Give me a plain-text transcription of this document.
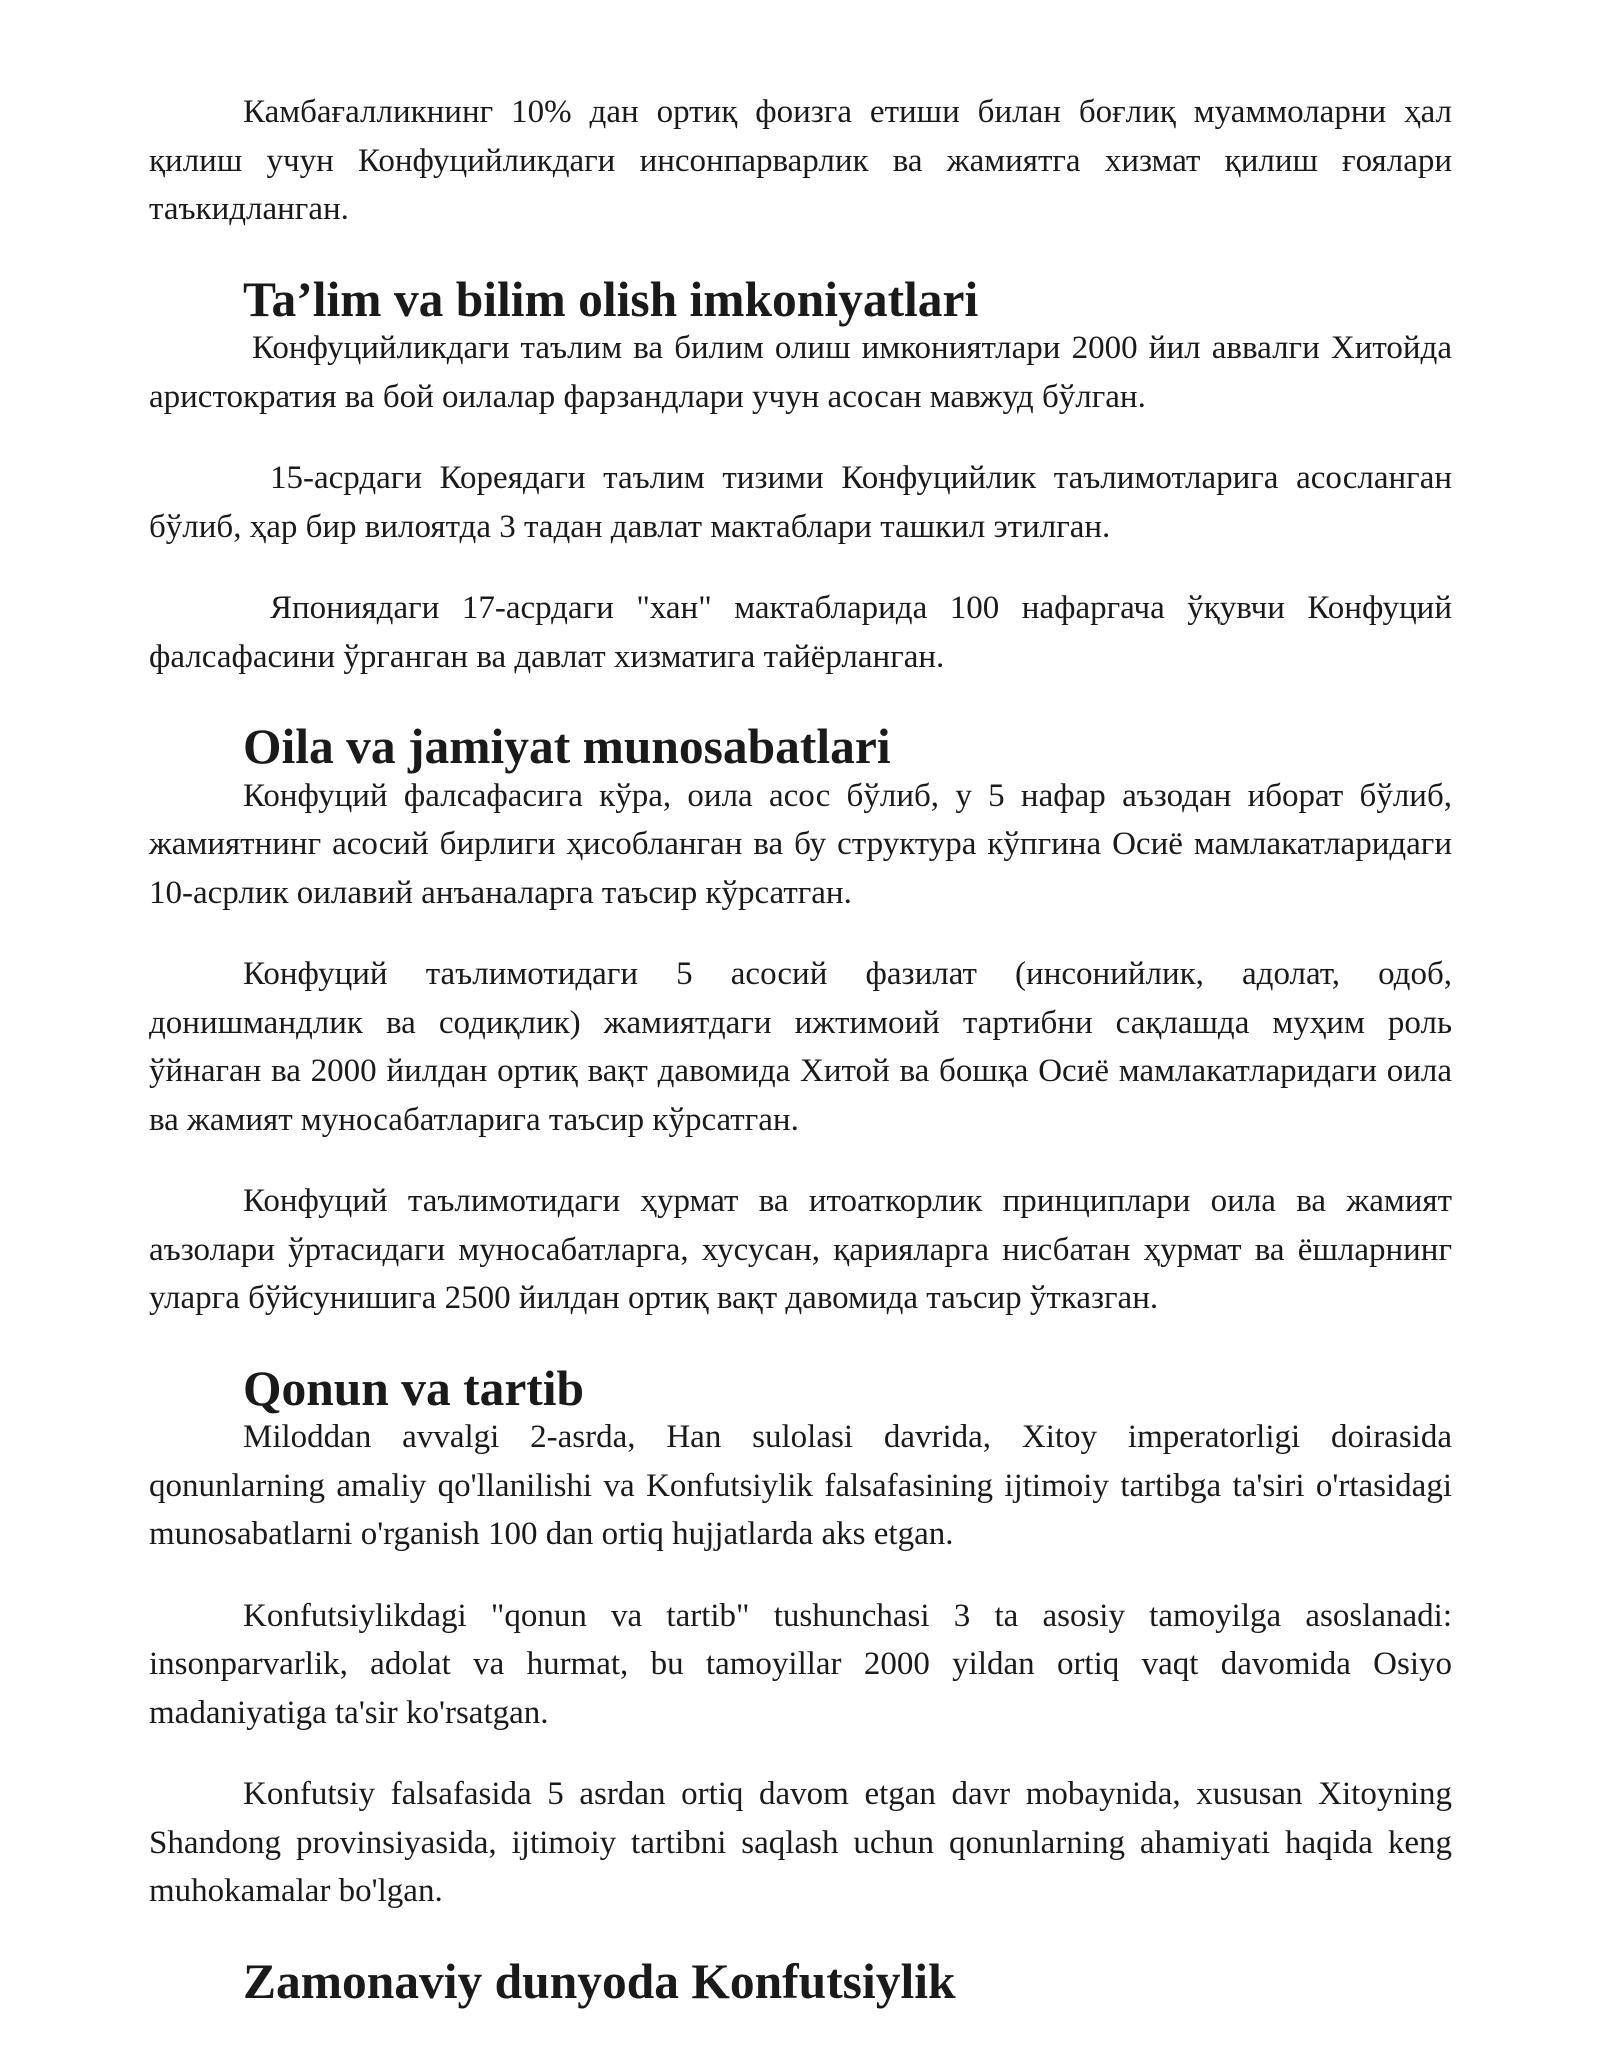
Камбағалликнинг 10% дан ортиқ фоизга етиши билан боғлиқ муаммоларни ҳал қилиш учун Конфуцийликдаги инсонпарварлик ва жамиятга хизмат қилиш ғоялари таъкидланган.

Ta’lim va bilim olish imkoniyatlari

Конфуцийликдаги таълим ва билим олиш имкониятлари 2000 йил аввалги Хитойда аристократия ва бой оилалар фарзандлари учун асосан мавжуд бўлган.

15-асрдаги Кореядаги таълим тизими Конфуцийлик таълимотларига асосланган бўлиб, ҳар бир вилоятда 3 тадан давлат мактаблари ташкил этилган.

Япониядаги 17-асрдаги "хан" мактабларида 100 нафаргача ўқувчи Конфуций фалсафасини ўрганган ва давлат хизматига тайёрланган.

Oila va jamiyat munosabatlari

Конфуций фалсафасига кўра, оила асос бўлиб, у 5 нафар аъзодан иборат бўлиб, жамиятнинг асосий бирлиги ҳисобланган ва бу структура кўпгина Осиё мамлакатларидаги 10-асрлик оилавий анъаналарга таъсир кўрсатган.

Конфуций таълимотидаги 5 асосий фазилат (инсонийлик, адолат, одоб, донишмандлик ва содиқлик) жамиятдаги ижтимоий тартибни сақлашда муҳим роль ўйнаган ва 2000 йилдан ортиқ вақт давомида Хитой ва бошқа Осиё мамлакатларидаги оила ва жамият муносабатларига таъсир кўрсатган.

Конфуций таълимотидаги ҳурмат ва итоаткорлик принциплари оила ва жамият аъзолари ўртасидаги муносабатларга, хусусан, қарияларга нисбатан ҳурмат ва ёшларнинг уларга бўйсунишига 2500 йилдан ортиқ вақт давомида таъсир ўтказган.

Qonun va tartib

Miloddan avvalgi 2-asrda, Han sulolasi davrida, Xitoy imperatorligi doirasida qonunlarning amaliy qo'llanilishi va Konfutsiylik falsafasining ijtimoiy tartibga ta'siri o'rtasidagi munosabatlarni o'rganish 100 dan ortiq hujjatlarda aks etgan.

Konfutsiylikdagi "qonun va tartib" tushunchasi 3 ta asosiy tamoyilga asoslanadi: insonparvarlik, adolat va hurmat, bu tamoyillar 2000 yildan ortiq vaqt davomida Osiyo madaniyatiga ta'sir ko'rsatgan.

Konfutsiy falsafasida 5 asrdan ortiq davom etgan davr mobaynida, xususan Xitoyning Shandong provinsiyasida, ijtimoiy tartibni saqlash uchun qonunlarning ahamiyati haqida keng muhokamalar bo'lgan.

Zamonaviy dunyoda Konfutsiylik
